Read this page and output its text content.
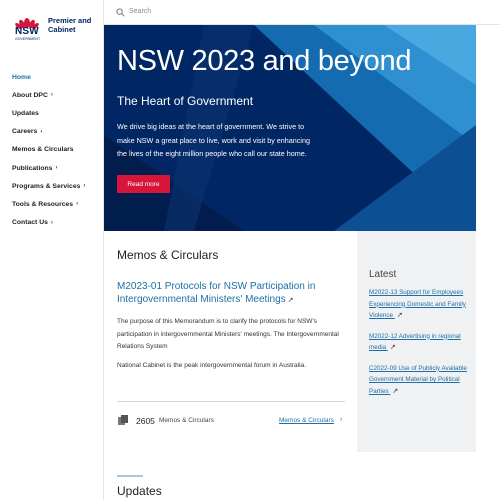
NSW
GOVERNMENT
Premier and Cabinet
Home
About DPC ›
Updates
Careers ›
Memos & Circulars
Publications ›
Programs & Services ›
Tools & Resources ›
Contact Us ›
Search
NSW 2023 and beyond
The Heart of Government
We drive big ideas at the heart of government. We strive to make NSW a great place to live, work and visit by enhancing the lives of the eight million people who call our state home.
Read more
Memos & Circulars
M2023-01 Protocols for NSW Participation in Intergovernmental Ministers' Meetings ↗
The purpose of this Memorandum is to clarify the protocols for NSW's participation in intergovernmental Ministers' meetings. The Intergovernmental Relations System
National Cabinet is the peak intergovernmental forum in Australia.
2605 Memos & Circulars	Memos & Circulars ›
Latest
M2022-13 Support for Employees Experiencing Domestic and Family Violence ↗
M2022-12 Advertising in regional media ↗
C2022-09 Use of Publicly Available Government Material by Political Parties ↗
Updates
